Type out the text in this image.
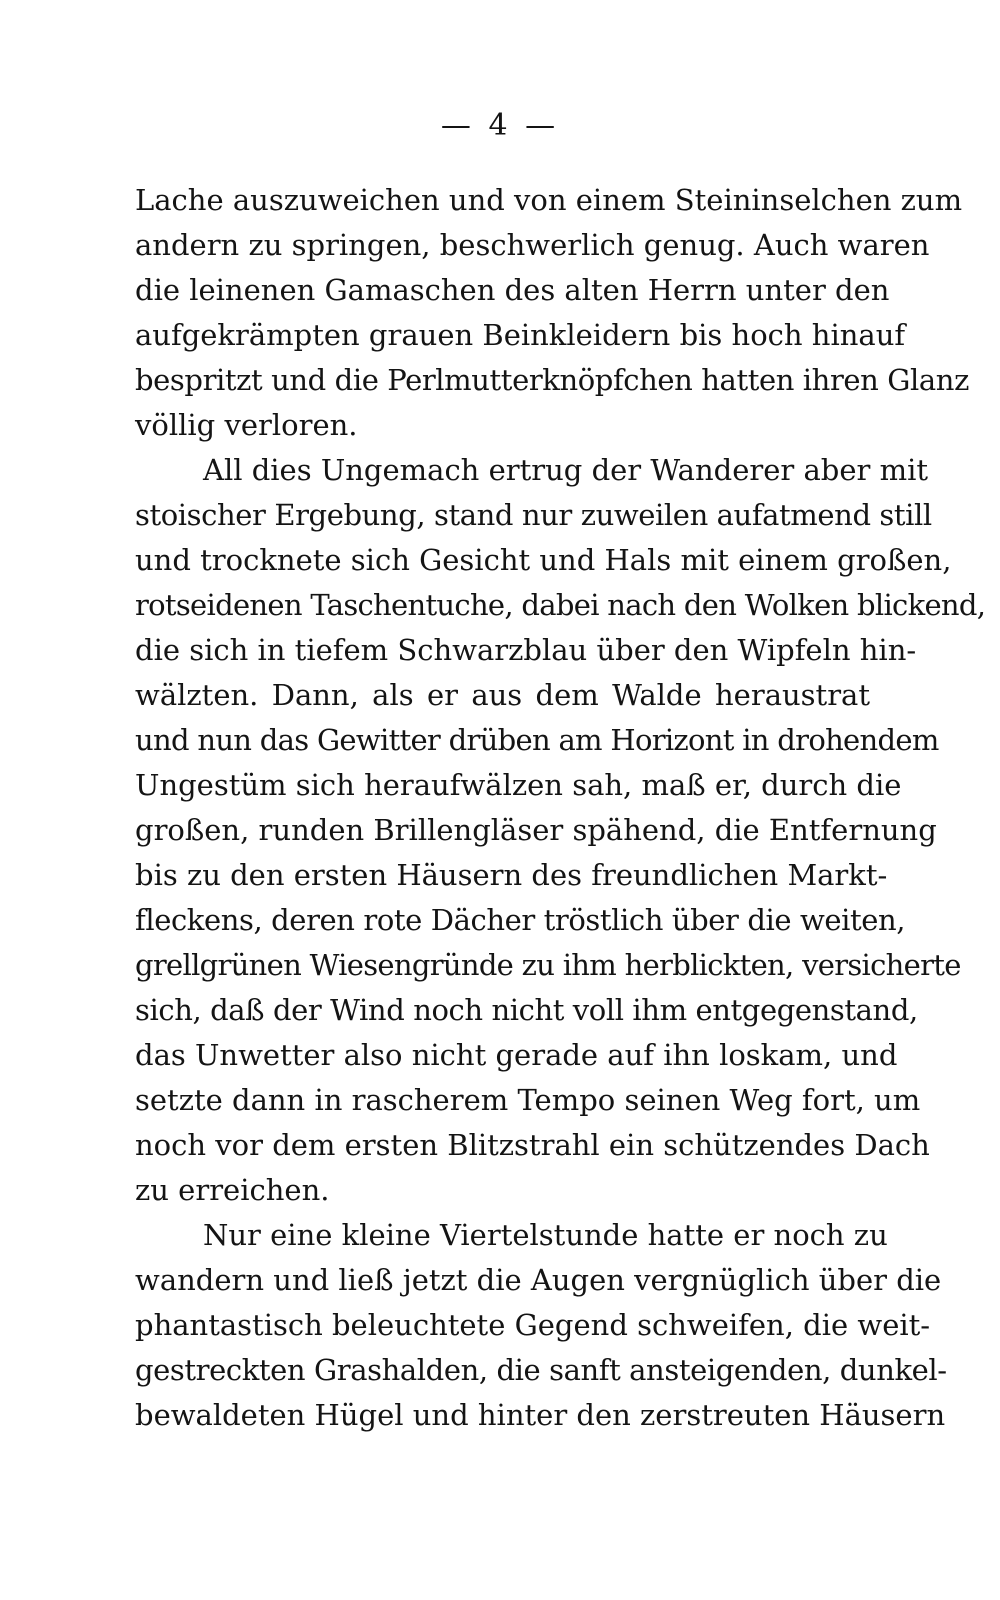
— 4 —
Lache auszuweichen und von einem Steininselchen zum
andern zu springen, beschwerlich genug. Auch waren
die leinenen Gamaschen des alten Herrn unter den
aufgekrämpten grauen Beinkleidern bis hoch hinauf
bespritzt und die Perlmutterknöpfchen hatten ihren Glanz
völlig verloren.
All dies Ungemach ertrug der Wanderer aber mit
stoischer Ergebung, stand nur zuweilen aufatmend still
und trocknete sich Gesicht und Hals mit einem großen,
rotseidenen Taschentuche, dabei nach den Wolken blickend,
die sich in tiefem Schwarzblau über den Wipfeln hin-
wälzten. Dann, als er aus dem Walde heraustrat
und nun das Gewitter drüben am Horizont in drohendem
Ungestüm sich heraufwälzen sah, maß er, durch die
großen, runden Brillengläser spähend, die Entfernung
bis zu den ersten Häusern des freundlichen Markt-
fleckens, deren rote Dächer tröstlich über die weiten,
grellgrünen Wiesengründe zu ihm herblickten, versicherte
sich, daß der Wind noch nicht voll ihm entgegenstand,
das Unwetter also nicht gerade auf ihn loskam, und
setzte dann in rascherem Tempo seinen Weg fort, um
noch vor dem ersten Blitzstrahl ein schützendes Dach
zu erreichen.
Nur eine kleine Viertelstunde hatte er noch zu
wandern und ließ jetzt die Augen vergnüglich über die
phantastisch beleuchtete Gegend schweifen, die weit-
gestreckten Grashalden, die sanft ansteigenden, dunkel-
bewaldeten Hügel und hinter den zerstreuten Häusern
